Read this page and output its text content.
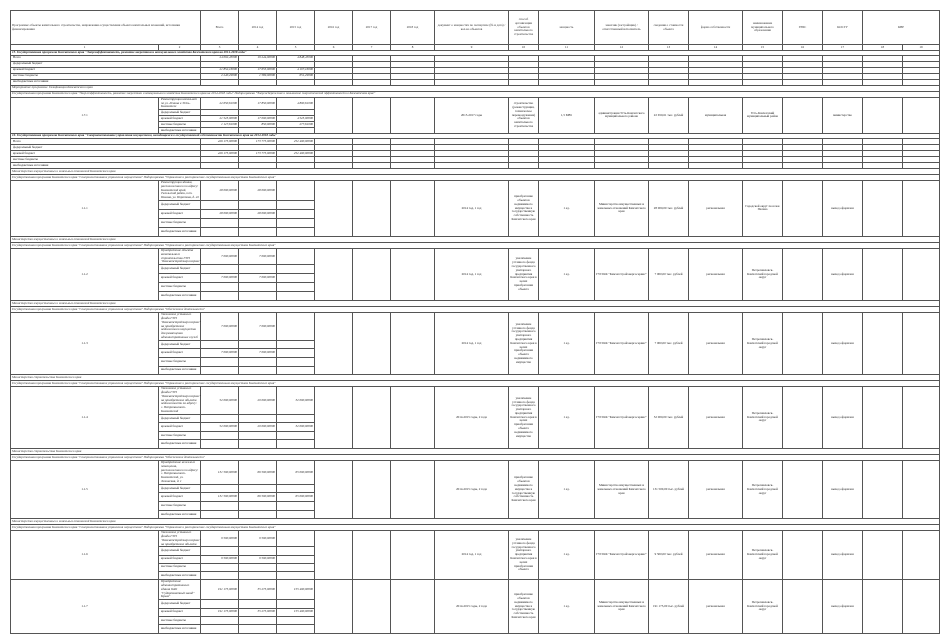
Программы/ объекты капитального строительства, направления осуществления объекта капитальных вложений, источники финансирования		Всего	2014 год	2015 год	2016 год	2017 год	2018 год	документ о мощностях по экспертизе (№ и дата) / кол-во объектов	способ организации объектов капитального строительства	мощность	заказчик (застройщик) / ответственный исполнитель	сведения о стоимости объекта	форма собственности	наименование муниципального образования	ГРБС	КОСГУ	КВР		
1	2	3	4	5	6	7	8	9	10	11	12	13	14	15	16	17	18	19	
15. Государственная программа Камчатского края "Энергоэффективность, развитие энергетики и коммунального хозяйства Камчатского края на 2014-2018 годы"																			
Всего		24 092,45000	19 244,00000	4 848,45000															
федеральный бюджет																			
краевой бюджет		21 852,16000	17 655,00000	4 197,16000															
местные бюджеты		2 240,29000	1 589,00000	651,29000															
внебюджетные источники																			
Мероприятие программы: Газификация Камчатского края																			
Государственная программа Камчатского края "Энергоэффективность, развитие энергетики и коммунального хозяйства Камчатского края на 2014-2018 годы" Подпрограмма "Энергосбережение и повышение энергетической эффективности в Камчатском крае"																			
1.7.1	Реконструкция котельной по ул. Ленина в Усть-Камчатске	22 650,61000	17 850,00000	4 800,61000				2015-2017 годы	строительство (реконструкция, техническое перевооружение) объектов капитального строительства	1,5 МВт	администрация Усть-Камчатского муниципального района	22 650,61 тыс. рублей	муниципальная	Усть-Камчатский муниципальный район		министерство			
	федеральный бюджет																		
	краевой бюджет	21 523,00000	17 000,00000	4 523,00000															
	местные бюджеты	1 127,61000	850,00000	277,61000															
	внебюджетные источники																		
16. Государственная программа Камчатского края "Совершенствование управления имуществом, находящимся в государственной собственности Камчатского края на 2014-2018 годы"																			
Всего		426 175,00000	173 775,00000	252 400,00000															
федеральный бюджет																			
краевой бюджет		426 175,00000	173 775,00000	252 400,00000															
местные бюджеты																			
внебюджетные источники																			
Министерство имущественных и земельных отношений Камчатского края																			
Государственная программа Камчатского края "Совершенствование управления имуществом" Подпрограмма "Управление и распоряжение государственным имуществом Камчатского края"																			
1.1.1	Реконструкция здания, расположенного по адресу: Камчатский край, Тигильский район, пгт. Палана, ул. Поротова, д. 22	28 000,00000	28 000,00000					2014 год, 1 год	приобретение объектов недвижимого имущества в государственную собственность Камчатского края	1 ед.	Министерство имущественных и земельных отношений Камчатского края	28 000,00 тыс. рублей	региональная	Городской округ поселок Палана		выход оформлен			
	федеральный бюджет																		
	краевой бюджет	28 000,00000	28 000,00000																
	местные бюджеты																		
	внебюджетные источники																		
Министерство имущественных и земельных отношений Камчатского края																			
Государственная программа Камчатского края "Совершенствование управления имуществом" Подпрограмма "Управление и распоряжение государственным имуществом Камчатского края"																			
1.1.2	Приобретение объекта капитального строительства ГУП "Камчатстройэнергосервис"	7 000,00000	7 000,00000					2014 год, 1 год	увеличение уставного фонда государственного унитарного предприятия Камчатского края в целях приобретения объекта	1 ед.	ГУП КК "Камчатстройэнергосервис"	7 000,00 тыс. рублей	региональная	Петропавловск-Камчатский городской округ		выход оформлен			
	федеральный бюджет																		
	краевой бюджет	7 000,00000	7 000,00000																
	местные бюджеты																		
	внебюджетные источники																		
Министерство имущественных и земельных отношений Камчатского края																			
Государственная программа Камчатского края "Совершенствование управления имуществом" Подпрограмма "Обеспечение деятельности"																			
1.1.3	Увеличение уставного фонда ГУП "Камчатстройэнергосервис" на приобретение недвижимого имущества для размещения административных служб	7 000,00000	7 000,00000					2014 год, 1 год	увеличение уставного фонда государственного унитарного предприятия Камчатского края в целях приобретения объекта недвижимого имущества	1 ед.	ГУП КК "Камчатстройэнергосервис"	7 000,00 тыс. рублей	региональная	Петропавловск-Камчатский городской округ		выход оформлен			
	федеральный бюджет																		
	краевой бюджет	7 000,00000	7 000,00000																
	местные бюджеты																		
	внебюджетные источники																		
Министерство строительства Камчатского края																			
Государственная программа Камчатского края "Совершенствование управления имуществом" Подпрограмма "Управление и распоряжение государственным имуществом Камчатского края"																			
1.1.4	Увеличение уставного фонда ГУП "Камчатстройэнергосервис" на приобретение объекта недвижимости по адресу: г. Петропавловск-Камчатский	52 000,00000	20 000,00000	32 000,00000				2014-2015 годы, 2 года	увеличение уставного фонда государственного унитарного предприятия Камчатского края в целях приобретения объекта недвижимого имущества	1 ед.	ГУП КК "Камчатстройэнергосервис"	52 000,00 тыс. рублей	региональная	Петропавловск-Камчатский городской округ		выход оформлен			
	федеральный бюджет																		
	краевой бюджет	52 000,00000	20 000,00000	32 000,00000															
	местные бюджеты																		
	внебюджетные источники																		
Министерство строительства Камчатского края																			
Государственная программа Камчатского края "Совершенствование управления имуществом" Подпрограмма "Обеспечение деятельности"																			
1.1.5	Приобретение нежилого помещения, расположенного по адресу: г. Петропавловск-Камчатский, ул. Ленинская, д. 1	131 500,00000	66 500,00000	65 000,00000				2014-2015 годы, 2 года	приобретение объектов недвижимого имущества в государственную собственность Камчатского края	1 ед.	Министерство имущественных и земельных отношений Камчатского края	131 500,00 тыс. рублей	региональная	Петропавловск-Камчатский городской округ		выход оформлен			
	федеральный бюджет																		
	краевой бюджет	131 500,00000	66 500,00000	65 000,00000															
	местные бюджеты																		
	внебюджетные источники																		
Министерство имущественных и земельных отношений Камчатского края																			
Государственная программа Камчатского края "Совершенствование управления имуществом" Подпрограмма "Управление и распоряжение государственным имуществом Камчатского края"																			
1.1.6	Увеличение уставного фонда ГУП "Камчатстройэнергосервис" на приобретение объекта	9 500,00000	9 500,00000					2014 год, 1 год	увеличение уставного фонда государственного унитарного предприятия Камчатского края в целях приобретения объекта	1 ед.	ГУП КК "Камчатстройэнергосервис"	9 500,00 тыс. рублей	региональная	Петропавловск-Камчатский городской округ		выход оформлен			
	федеральный бюджет																		
	краевой бюджет	9 500,00000	9 500,00000																
	местные бюджеты																		
	внебюджетные источники																		
1.1.7	Приобретение административного здания ОАО "Судоремонтный завод" Крым"	191 175,00000	35 275,00000	155 400,00000				2014-2015 годы, 2 года	приобретение объектов недвижимого имущества в государственную собственность Камчатского края	1 ед.	Министерство имущественных и земельных отношений Камчатского края	191 175,00 тыс. рублей	региональная	Петропавловск-Камчатский городской округ		выход оформлен			
	федеральный бюджет																		
	краевой бюджет	191 175,00000	35 275,00000	155 400,00000															
	местные бюджеты																		
	внебюджетные источники																		
